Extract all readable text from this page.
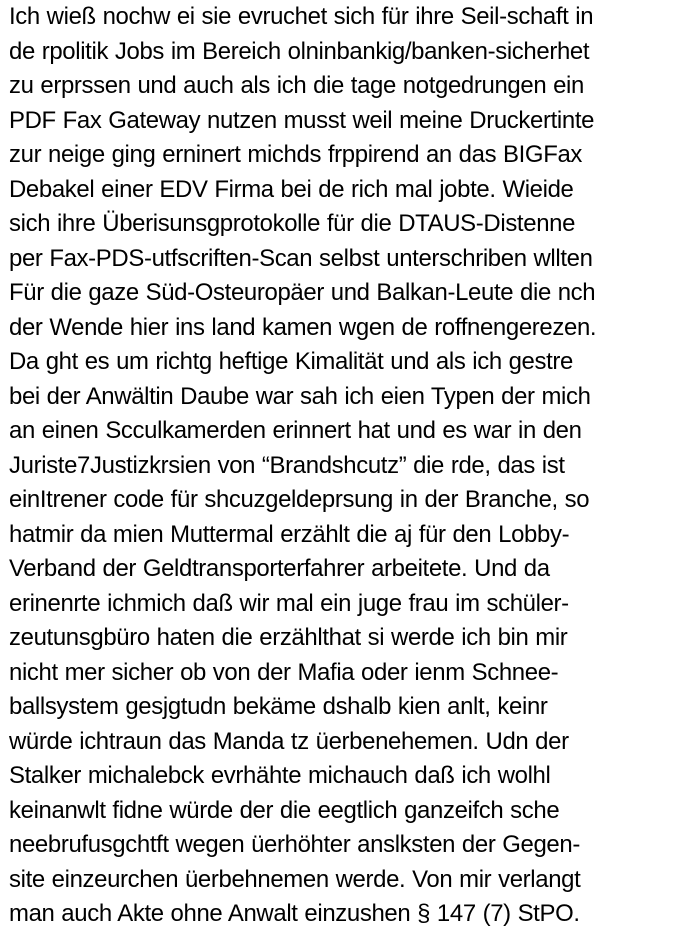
Ich wieß nochw ei sie evruchet sich für ihre Seil-schaft in
de rpolitik Jobs im Bereich olninbankig/banken-sicherhet
zu erprssen und auch als ich die tage notgedrungen ein
PDF Fax Gateway nutzen musst weil meine Druckertinte
zur neige ging erninert michds frppirend an das BIGFax
Debakel einer EDV Firma bei de rich mal jobte. Wieide
sich ihre Überisunsgprotokolle für die DTAUS-Distenne
per Fax-PDS-utfscriften-Scan selbst unterschriben wllten
Für die gaze Süd-Osteuropäer und Balkan-Leute die nch
der Wende hier ins land kamen wgen de roffnengerezen.
Da ght es um richtg heftige Kimalität und als ich gestre
bei der Anwältin Daube war sah ich eien Typen der mich
an einen Scculkamerden erinnert hat und es war in den
Juriste7Justizkrsien von “Brandshcutz” die rde, das ist
einItrener code für shcuzgeldeprsung in der Branche, so
hatmir da mien Muttermal erzählt die aj für den Lobby-
Verband der Geldtransporterfahrer arbeitete. Und da
erinenrte ichmich daß wir mal ein juge frau im schüler-
zeutunsgbüro haten die erzählthat si werde ich bin mir
nicht mer sicher ob von der Mafia oder ienm Schnee-
ballsystem gesjgtudn bekäme dshalb kien anlt, keinr
würde ichtraun das Manda tz üerbenehemen. Udn der
Stalker michalebck evrhähte michauch daß ich wolhl
keinanwlt fidne würde der die eegtlich ganzeifch sche
neebrufusgchtft wegen üerhöhter anslksten der Gegen-
site einzeurchen üerbehnemen werde. Von mir verlangt
man auch Akte ohne Anwalt einzushen § 147 (7) StPO.
